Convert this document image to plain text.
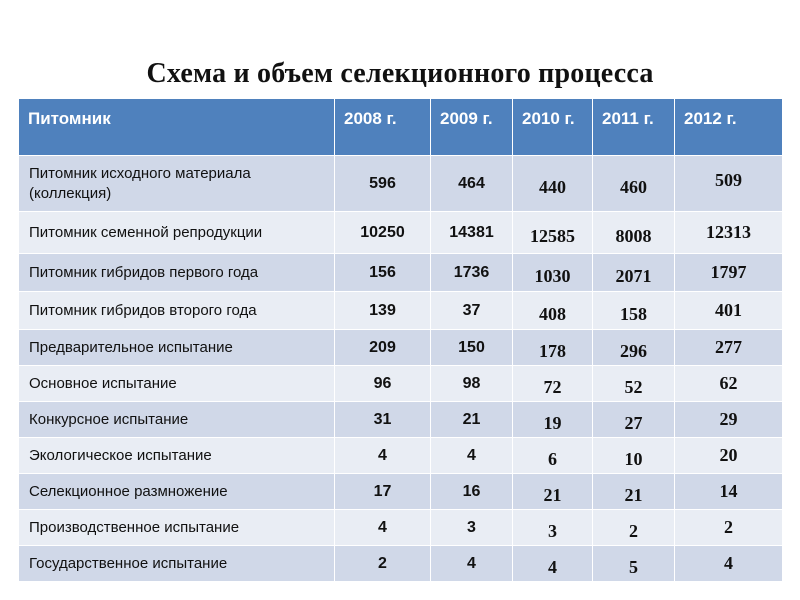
Схема и объем селекционного процесса
Питомник	2008 г.	2009 г.	2010 г.	2011 г.	2012 г.
Питомник исходного материала (коллекция)	596	464	440	460	509
Питомник семенной репродукции	10250	14381	12585	8008	12313
Питомник гибридов первого года	156	1736	1030	2071	1797
Питомник гибридов второго года	139	37	408	158	401
Предварительное испытание	209	150	178	296	277
Основное испытание	96	98	72	52	62
Конкурсное испытание	31	21	19	27	29
Экологическое испытание	4	4	6	10	20
Селекционное размножение	17	16	21	21	14
Производственное испытание	4	3	3	2	2
Государственное испытание	2	4	4	5	4
